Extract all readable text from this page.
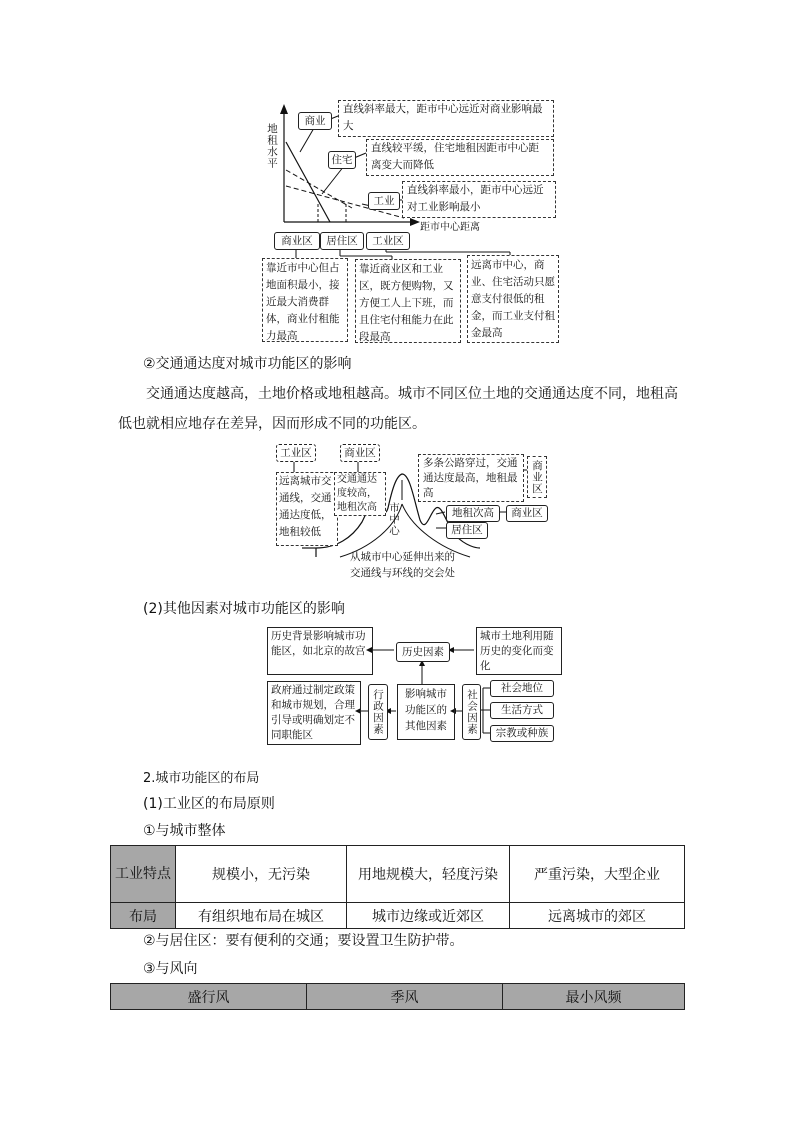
地租水平
距市中心距离
商业
住宅
工业
直线斜率最大，距市中心远近对商业影响最大
直线较平缓，住宅地租因距市中心距离变大而降低
直线斜率最小，距市中心远近对工业影响最小
商业区	居住区	工业区
靠近市中心但占地面积最小，接近最大消费群体，商业付租能力最高
靠近商业区和工业区，既方便购物，又方便工人上下班，而且住宅付租能力在此段最高
远离市中心，商业、住宅活动只愿意支付很低的租金，而工业支付租金最高
②交通通达度对城市功能区的影响
交通通达度越高，土地价格或地租越高。城市不同区位土地的交通通达度不同，地租高低也就相应地存在差异，因而形成不同的功能区。
工业区
远离城市交通线，交通通达度低，地租较低
商业区
交通通达度较高，地租次高	市中心
多条公路穿过，交通通达度最高，地租最高	商业区
地租次高
居住区
商业区
从城市中心延伸出来的交通线与环线的交会处
(2)其他因素对城市功能区的影响
历史背景影响城市功能区，如北京的故宫	历史因素
城市土地利用随历史的变化而变化
政府通过制定政策和城市规划，合理引导或明确划定不同职能区	行政因素	影响城市功能区的其他因素	社会因素
社会地位
生活方式
宗教或种族
2.城市功能区的布局
(1)工业区的布局原则
①与城市整体
工业特点	规模小，无污染	用地规模大，轻度污染	严重污染，大型企业
布局	有组织地布局在城区	城市边缘或近郊区	远离城市的郊区
②与居住区：要有便利的交通；要设置卫生防护带。
③与风向
盛行风	季风	最小风频
